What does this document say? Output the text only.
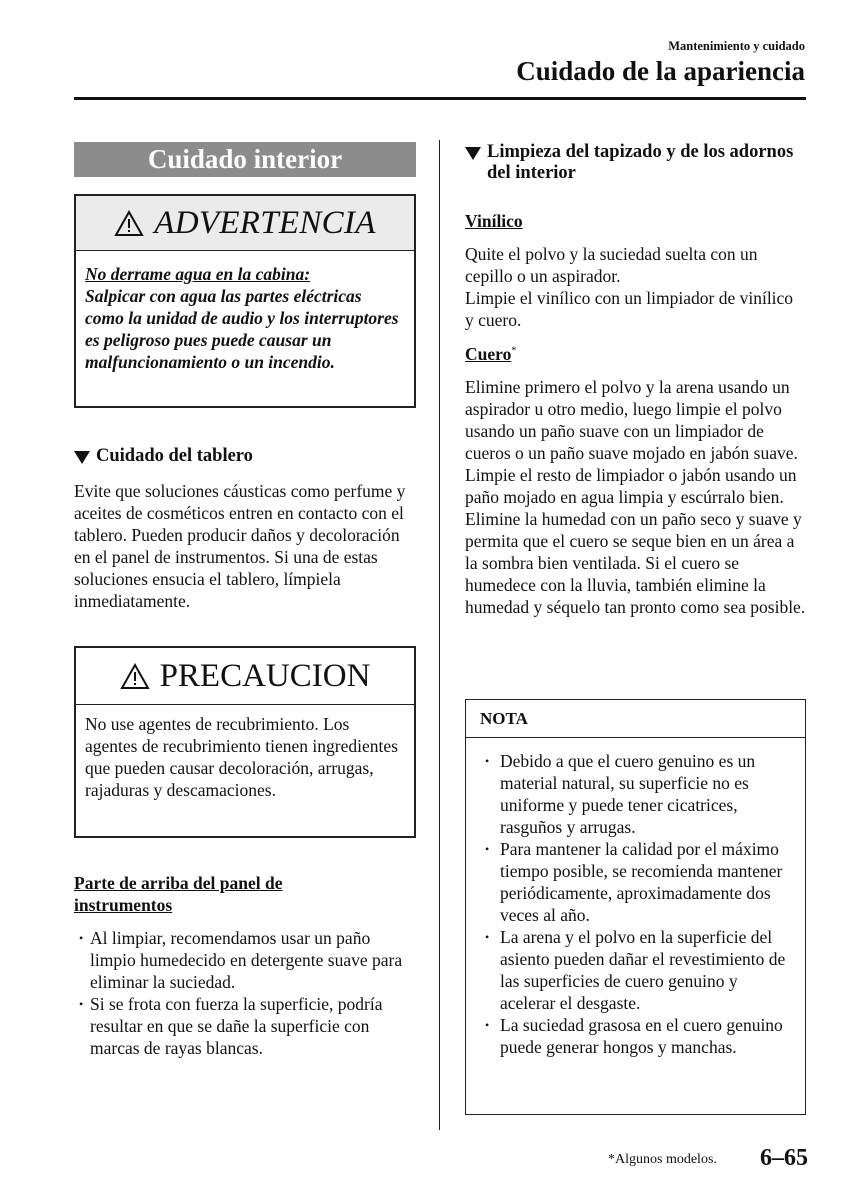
Mantenimiento y cuidado
Cuidado de la apariencia
Cuidado interior
ADVERTENCIA
No derrame agua en la cabina:
Salpicar con agua las partes eléctricas como la unidad de audio y los interruptores es peligroso pues puede causar un malfuncionamiento o un incendio.
Cuidado del tablero
Evite que soluciones cáusticas como perfume y aceites de cosméticos entren en contacto con el tablero. Pueden producir daños y decoloración en el panel de instrumentos. Si una de estas soluciones ensucia el tablero, límpiela inmediatamente.
PRECAUCION
No use agentes de recubrimiento. Los agentes de recubrimiento tienen ingredientes que pueden causar decoloración, arrugas, rajaduras y descamaciones.
Parte de arriba del panel de instrumentos
• Al limpiar, recomendamos usar un paño limpio humedecido en detergente suave para eliminar la suciedad.
• Si se frota con fuerza la superficie, podría resultar en que se dañe la superficie con marcas de rayas blancas.
Limpieza del tapizado y de los adornos del interior
Vinílico
Quite el polvo y la suciedad suelta con un cepillo o un aspirador.
Limpie el vinílico con un limpiador de vinílico y cuero.
Cuero*
Elimine primero el polvo y la arena usando un aspirador u otro medio, luego limpie el polvo usando un paño suave con un limpiador de cueros o un paño suave mojado en jabón suave.
Limpie el resto de limpiador o jabón usando un paño mojado en agua limpia y escúrralo bien.
Elimine la humedad con un paño seco y suave y permita que el cuero se seque bien en un área a la sombra bien ventilada. Si el cuero se humedece con la lluvia, también elimine la humedad y séquelo tan pronto como sea posible.
NOTA
• Debido a que el cuero genuino es un material natural, su superficie no es uniforme y puede tener cicatrices, rasguños y arrugas.
• Para mantener la calidad por el máximo tiempo posible, se recomienda mantener periódicamente, aproximadamente dos veces al año.
• La arena y el polvo en la superficie del asiento pueden dañar el revestimiento de las superficies de cuero genuino y acelerar el desgaste.
• La suciedad grasosa en el cuero genuino puede generar hongos y manchas.
*Algunos modelos. 6–65
